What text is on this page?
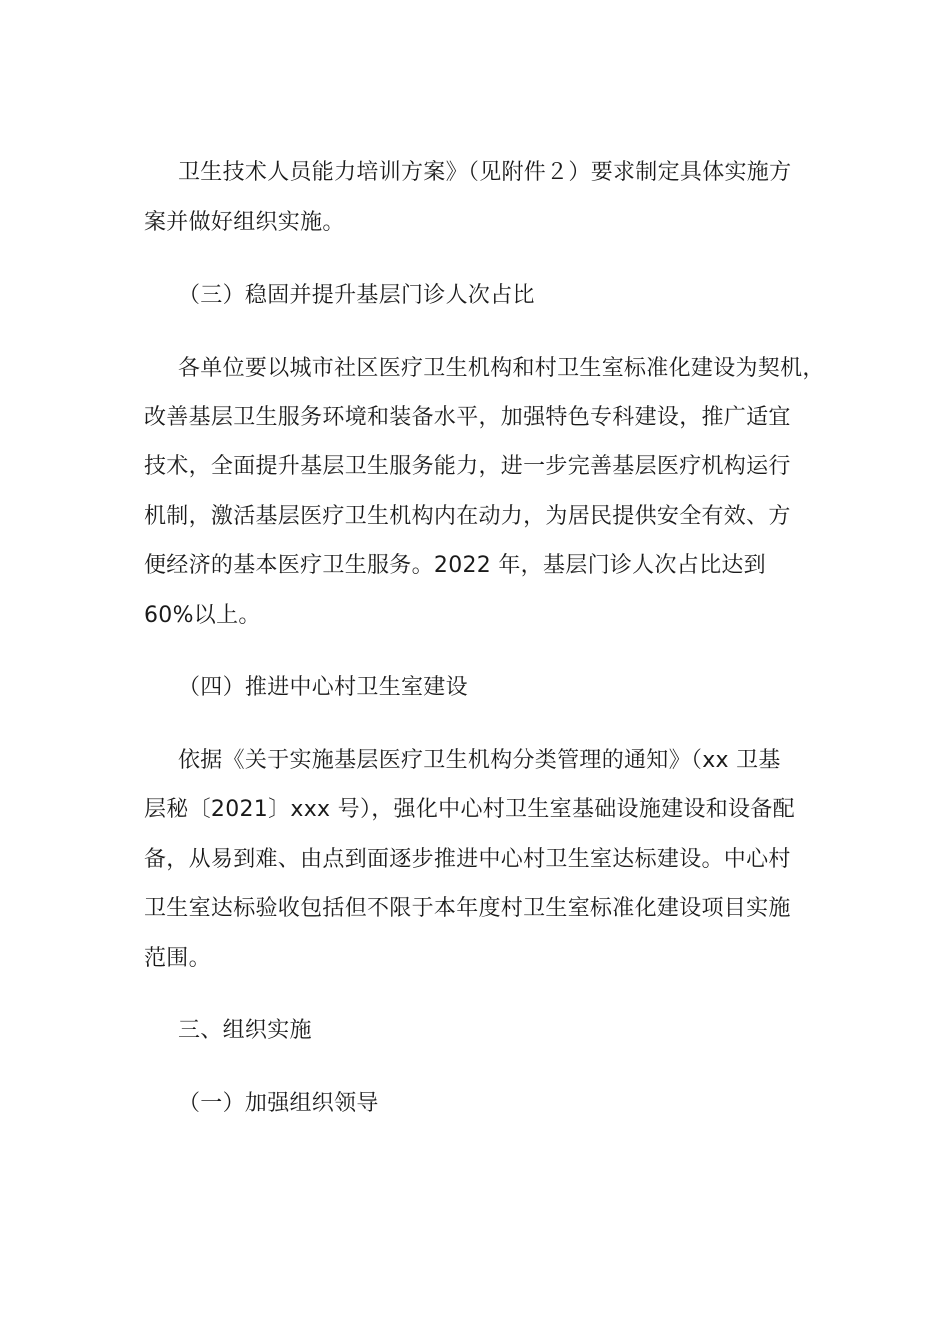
卫生技术人员能力培训方案》（见附件２）要求制定具体实施方
案并做好组织实施。
（三）稳固并提升基层门诊人次占比
各单位要以城市社区医疗卫生机构和村卫生室标准化建设为契机，
改善基层卫生服务环境和装备水平，加强特色专科建设，推广适宜
技术，全面提升基层卫生服务能力，进一步完善基层医疗机构运行
机制，激活基层医疗卫生机构内在动力，为居民提供安全有效、方
便经济的基本医疗卫生服务。2022 年，基层门诊人次占比达到
60%以上。
（四）推进中心村卫生室建设
依据《关于实施基层医疗卫生机构分类管理的通知》（xx 卫基
层秘〔2021〕xxx 号），强化中心村卫生室基础设施建设和设备配
备，从易到难、由点到面逐步推进中心村卫生室达标建设。中心村
卫生室达标验收包括但不限于本年度村卫生室标准化建设项目实施
范围。
三、组织实施
（一）加强组织领导
